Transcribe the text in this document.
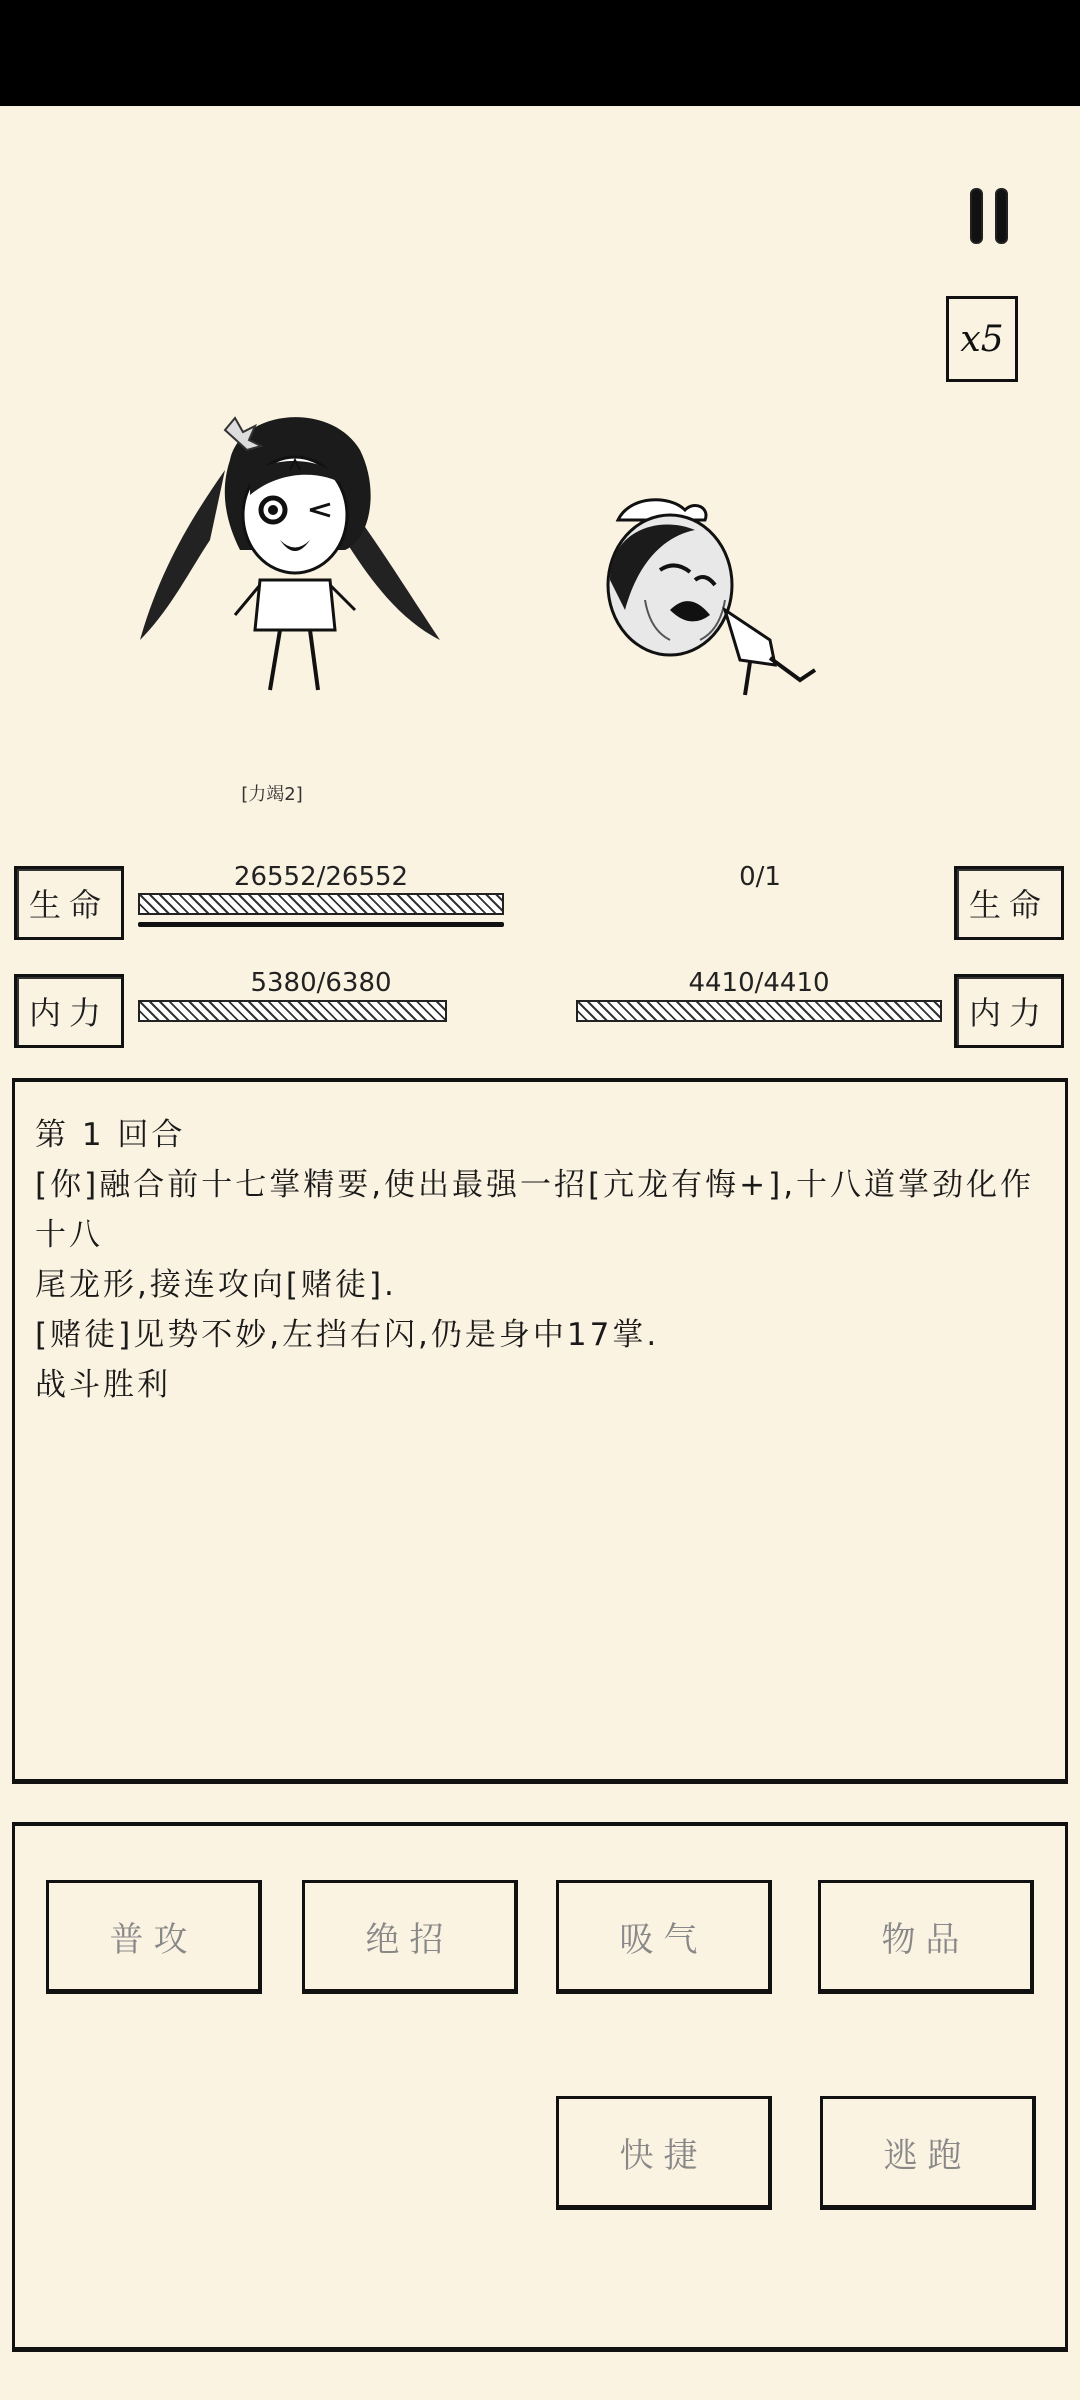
x5
[力竭2]
生命
26552/26552	0/1
生命
内力
5380/6380	4410/4410
内力

第 1 回合

[你]融合前十七掌精要,使出最强一招[亢龙有悔+],十八道掌劲化作十八

尾龙形,接连攻向[赌徒].

[赌徒]见势不妙,左挡右闪,仍是身中17掌.

战斗胜利

普攻	绝招	吸气	物品
快捷	逃跑
